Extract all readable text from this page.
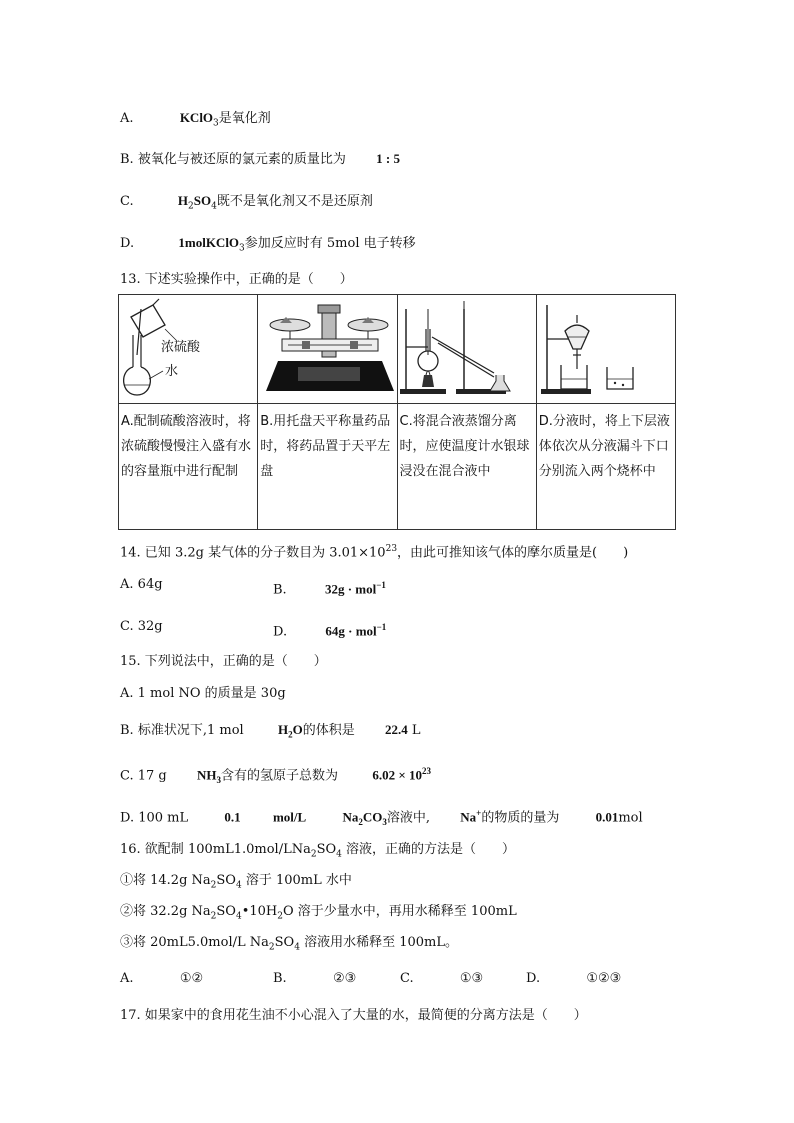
A.	KClO$_3$是氧化剂
B. 被氧化与被还原的氯元素的质量比为 1 : 5
C.	$H_2SO_4$既不是氧化剂又不是还原剂
D.	1molKClO$_3$参加反应时有 5mol 电子转移
13. 下述实验操作中，正确的是（　　）
浓硫酸
水

A.配制硫酸溶液时，将浓硫酸慢慢注入盛有水的容量瓶中进行配制	B.用托盘天平称量药品时，将药品置于天平左盘	C.将混合液蒸馏分离时，应使温度计水银球浸没在混合液中	D.分液时，将上下层液体依次从分液漏斗下口分别流入两个烧杯中
14. 已知 3.2g 某气体的分子数目为 $3.01\times 10^{23}$，由此可推知该气体的摩尔质量是(　　)
A. 64g	B.	32g · mol$^{-1}$
C. 32g	D.	64g · mol$^{-1}$
15. 下列说法中，正确的是（　　）
A. 1 mol NO 的质量是 30g
B. 标准状况下,1 mol	$H_2O$的体积是 22.4 L
C. 17 g $NH_3$含有的氢原子总数为	$6.02 \times 10^{23}$
D. 100 mL	0.1 mol/L	$Na_2CO_3$溶液中, Na+的物质的量为	0.01mol
16. 欲配制 $100mL1.0mol/LNa_2SO_4$ 溶液，正确的方法是（　　）
①将 14.2g $Na_2SO_4$ 溶于 100mL 水中
②将 32.2g $Na_2SO_4•10H_2O$ 溶于少量水中，再用水稀释至 100mL
③将 20mL5.0mol/L $Na_2SO_4$ 溶液用水稀释至 100mL。
A.	①②	B.	②③	C.	①③	D.	①②③
17. 如果家中的食用花生油不小心混入了大量的水，最简便的分离方法是（　　）
